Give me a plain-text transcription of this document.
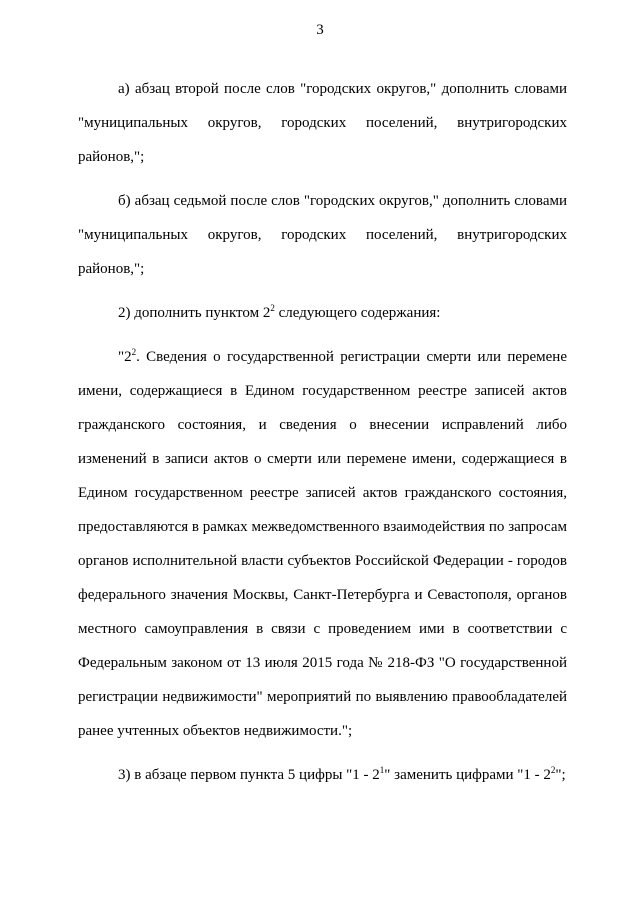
3

а) абзац второй после слов "городских округов," дополнить словами "муниципальных округов, городских поселений, внутригородских районов,";

б) абзац седьмой после слов "городских округов," дополнить словами "муниципальных округов, городских поселений, внутригородских районов,";

2) дополнить пунктом $2^2$ следующего содержания:

"$2^2$. Сведения о государственной регистрации смерти или перемене имени, содержащиеся в Едином государственном реестре записей актов гражданского состояния, и сведения о внесении исправлений либо изменений в записи актов о смерти или перемене имени, содержащиеся в Едином государственном реестре записей актов гражданского состояния, предоставляются в рамках межведомственного взаимодействия по запросам органов исполнительной власти субъектов Российской Федерации - городов федерального значения Москвы, Санкт-Петербурга и Севастополя, органов местного самоуправления в связи с проведением ими в соответствии с Федеральным законом от 13 июля 2015 года № 218-ФЗ "О государственной регистрации недвижимости" мероприятий по выявлению правообладателей ранее учтенных объектов недвижимости.";

3) в абзаце первом пункта 5 цифры "$1 - 2^1$" заменить цифрами "$1 - 2^2$";
